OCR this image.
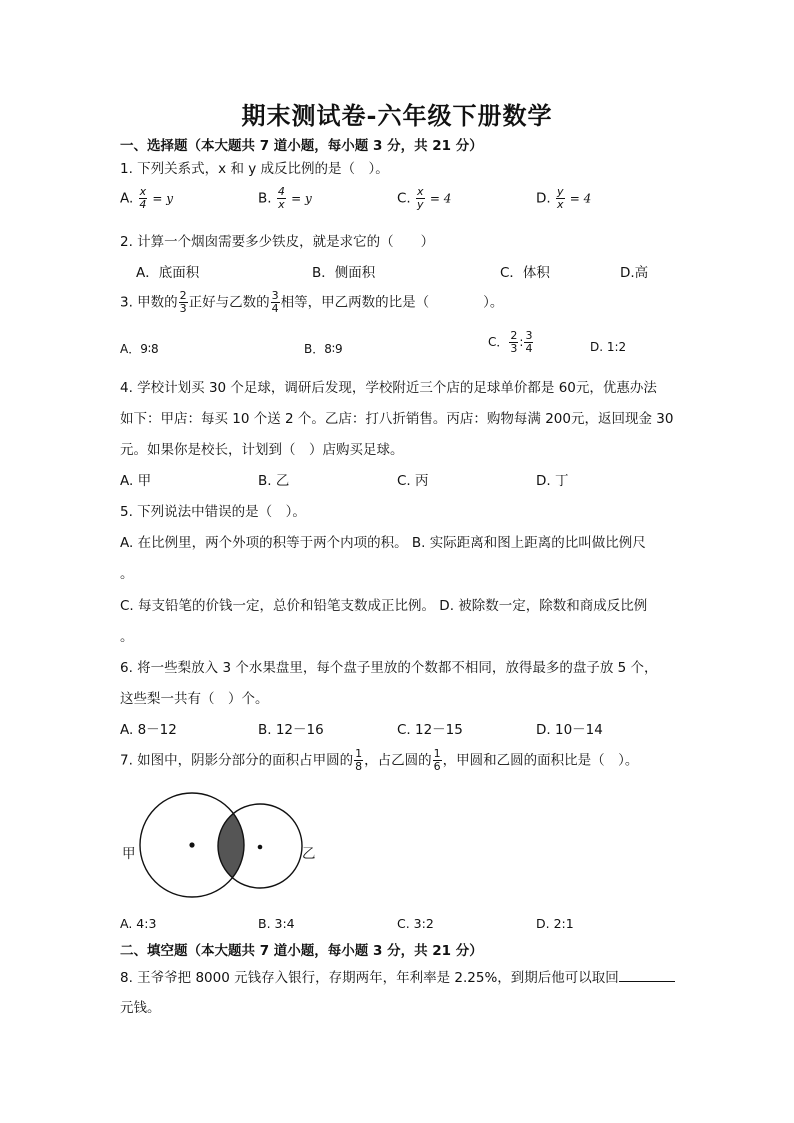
期末测试卷-六年级下册数学
一、选择题（本大题共 7 道小题，每小题 3 分，共 21 分）
1. 下列关系式，x 和 y 成反比例的是（　）。
A. $\frac{x}{4} = y$	B. $\frac{4}{x} = y$	C. $\frac{x}{y} = 4$	D. $\frac{y}{x} = 4$
2. 计算一个烟囱需要多少铁皮，就是求它的（　　）
A．底面积	B．侧面积	C．体积	D.高
3. 甲数的 $\frac{2}{3}$ 正好与乙数的 $\frac{3}{4}$ 相等，甲乙两数的比是（　　　　）。
A．9∶8	B．8∶9	C． $\frac{2}{3}$ : $\frac{3}{4}$	D. 1:2
4. 学校计划买 30 个足球，调研后发现，学校附近三个店的足球单价都是 60元，优惠办法
如下：甲店：每买 10 个送 2 个。乙店：打八折销售。丙店：购物每满 200元，返回现金 30
元。如果你是校长，计划到（　）店购买足球。
A. 甲	B. 乙	C. 丙	D. 丁
5. 下列说法中错误的是（　）。
A. 在比例里，两个外项的积等于两个内项的积。 B. 实际距离和图上距离的比叫做比例尺
。
C. 每支铅笔的价钱一定，总价和铅笔支数成正比例。 D. 被除数一定，除数和商成反比例
。
6. 将一些梨放入 3 个水果盘里，每个盘子里放的个数都不相同，放得最多的盘子放 5 个，
这些梨一共有（　）个。
A. 8－12	B. 12－16	C. 12－15	D. 10－14
7. 如图中，阴影分部分的面积占甲圆的 $\frac{1}{8}$ ，占乙圆的 $\frac{1}{6}$ ，甲圆和乙圆的面积比是（　）。
甲	乙
A. 4:3	B. 3:4	C. 3:2	D. 2:1
二、填空题（本大题共 7 道小题，每小题 3 分，共 21 分）
8. 王爷爷把 8000 元钱存入银行，存期两年，年利率是 2.25%，到期后他可以取回
元钱。
